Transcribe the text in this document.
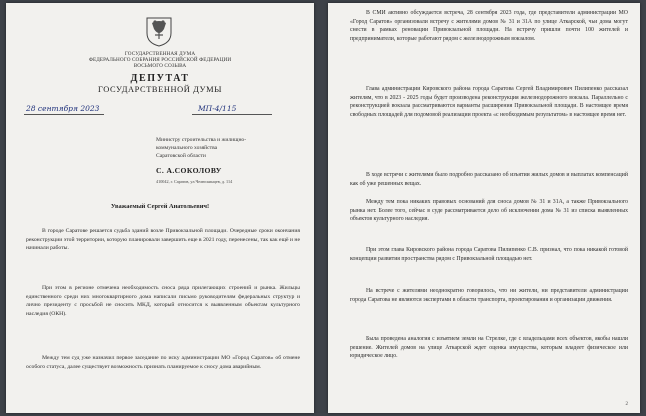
ГОСУДАРСТВЕННАЯ ДУМА
ФЕДЕРАЛЬНОГО СОБРАНИЯ РОССИЙСКОЙ ФЕДЕРАЦИИ
ВОСЬМОГО СОЗЫВА
ДЕПУТАТ
ГОСУДАРСТВЕННОЙ ДУМЫ
28 сентября 2023	МП-4/115
Министру строительства и жилищно-
коммунального хозяйства
Саратовской области
С. А.СОКОЛОВУ
410042, г. Саратов, ул.Челюскинцев, д. 114
Уважаемый Сергей Анатольевич!

В городе Саратове решается судьба зданий возле Привокзальной площади. Очередные сроки окончания реконструкции этой территории, которую планировали завершить еще в 2021 году, перенесены, так как ещё и не начинали работы.

При этом в регионе отмечена необходимость сноса ряда прилегающих строений и рынка. Жильцы единственного среди них многоквартирного дома написали письмо руководителям федеральных структур и лично президенту с просьбой не сносить МКД, который относится к выявленным объектам культурного наследия (ОКН).

Между тем суд уже назначил первое заседание по иску администрации МО «Город Саратов» об отмене особого статуса, далее существует возможность признать планируемое к сносу дома аварийным.

В СМИ активно обсуждается встреча, 28 сентября 2023 года, где представители администрации МО «Город Саратов» организовали встречу с жителями домов № 31 и 31А по улице Аткарской, чьи дома могут снести в рамках реновации Привокзальной площади. На встречу пришли почти 100 жителей и предприниматели, которые работают рядом с железнодорожным вокзалом.

Глава администрации Кировского района города Саратова Сергей Владимирович Пилипенко рассказал жителям, что в 2023 - 2025 годы будет производена реконструкция железнодорожного вокзала. Параллельно с реконструкцией вокзала рассматриваются варианты расширения Привокзальной площади. В настоящее время свободных площадей для подомовой реализации проекта «с необходимым результатом» в настоящее время нет.

В ходе встречи с жителями было подробно рассказано об изъятии жилых домов и выплатах компенсаций как об уже решенных вещах.

Между тем пока никаких правовых оснований для сноса домов № 31 и 31А, а также Привокзального рынка нет. Более того, сейчас в суде рассматривается дело об исключении дома № 31 из списка выявленных объектов культурного наследия.

При этом глава Кировского района города Саратова Пилипенко С.В. признал, что пока никакой готовой концепции развития пространства рядом с Привокзальной площадью нет.

На встрече с жителями неоднократно говорилось, что ни жители, ни представители администрации города Саратова не являются экспертами в области транспорта, проектирования и организации движения.

Была проведена аналогия с изъятием земли на Стрелке, где с владельцами всех объектов, якобы нашли решение. Жителей домов на улице Аткарской ждет оценка имущества, которым владеет физическое или юридическое лицо.

2
